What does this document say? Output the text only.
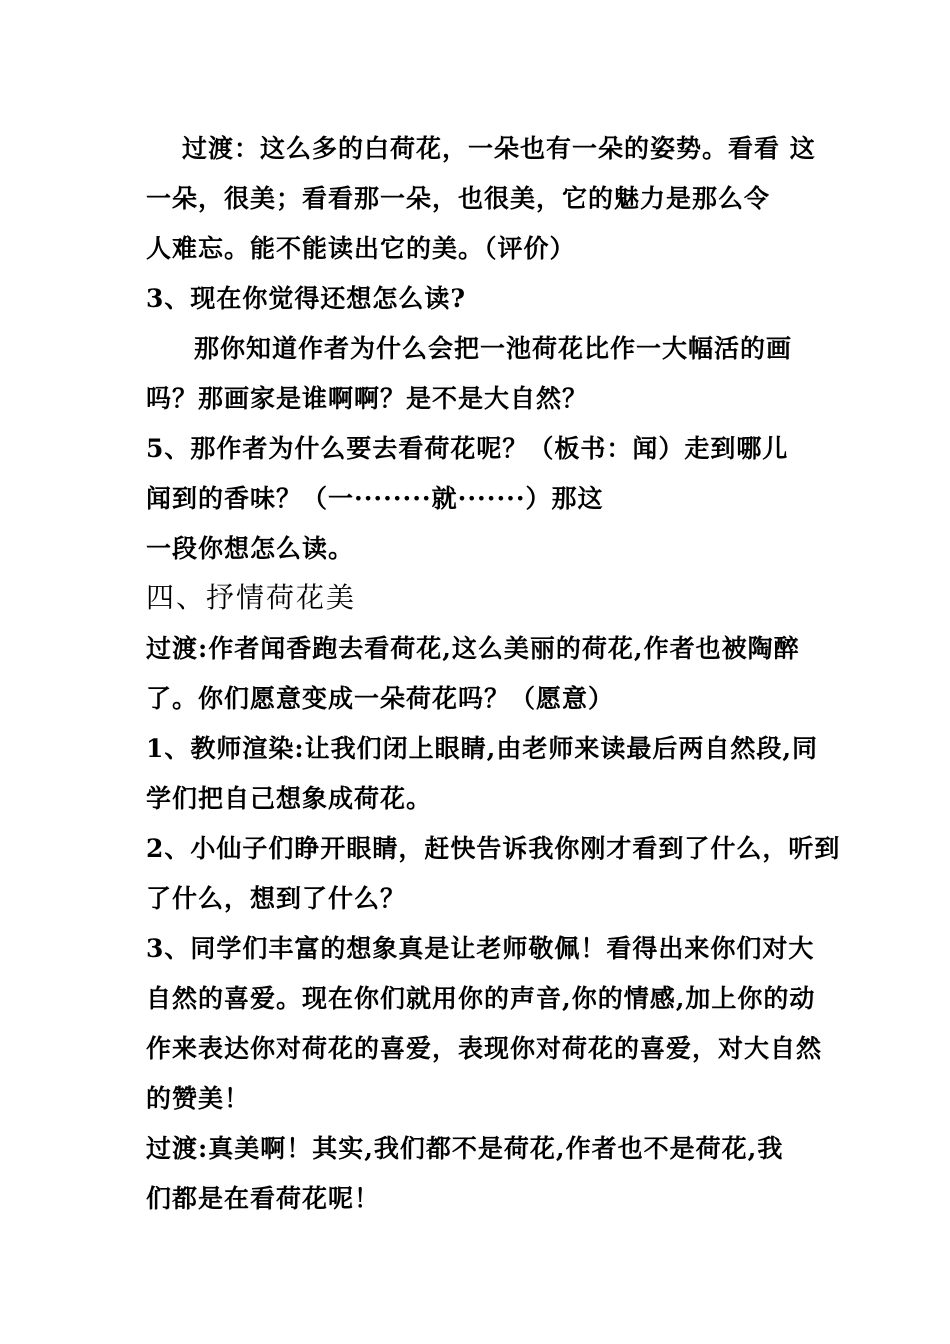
过渡：这么多的白荷花，一朵也有一朵的姿势。看看 这
一朵，很美；看看那一朵，也很美，它的魅力是那么令
人难忘。能不能读出它的美。（评价）
3、现在你觉得还想怎么读?
那你知道作者为什么会把一池荷花比作一大幅活的画
吗？那画家是谁啊啊？是不是大自然？
5、那作者为什么要去看荷花呢？（板书：闻）走到哪儿
闻到的香味？（一········就·······）那这
一段你想怎么读。
四、抒情荷花美
过渡:作者闻香跑去看荷花,这么美丽的荷花,作者也被陶醉
了。你们愿意变成一朵荷花吗？（愿意）
1、教师渲染:让我们闭上眼睛,由老师来读最后两自然段,同
学们把自己想象成荷花。
2、小仙子们睁开眼睛，赶快告诉我你刚才看到了什么，听到
了什么，想到了什么？
3、同学们丰富的想象真是让老师敬佩！看得出来你们对大
自然的喜爱。现在你们就用你的声音,你的情感,加上你的动
作来表达你对荷花的喜爱，表现你对荷花的喜爱，对大自然
的赞美！
过渡:真美啊！其实,我们都不是荷花,作者也不是荷花,我
们都是在看荷花呢！
